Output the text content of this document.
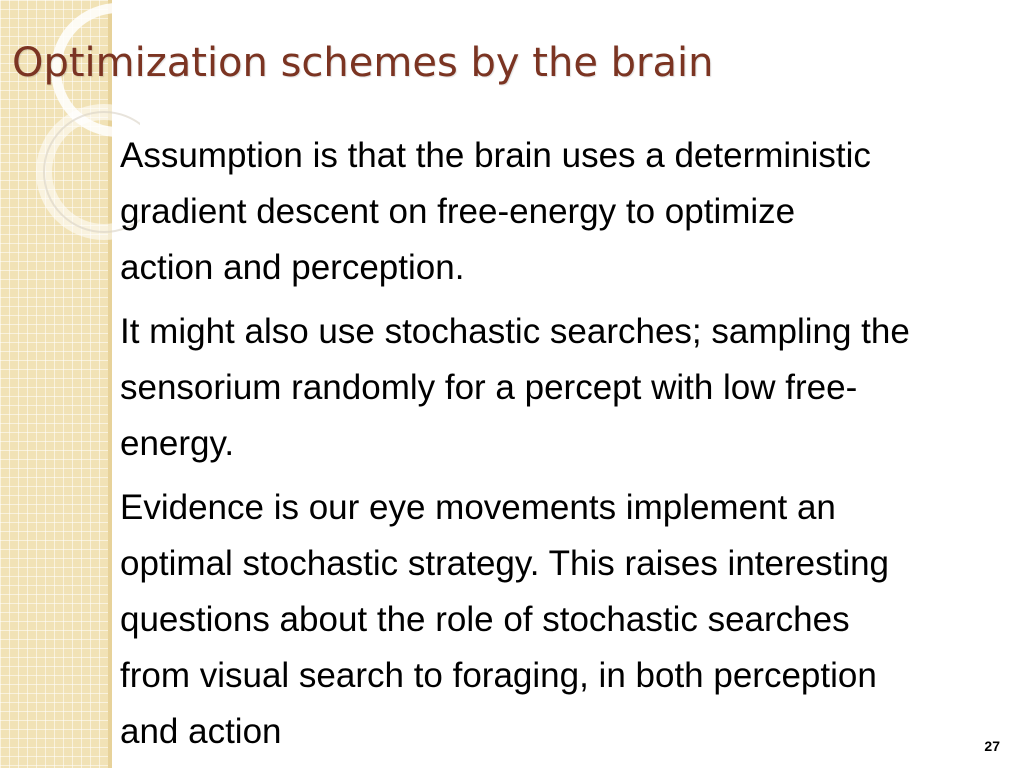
Optimization schemes by the brain
Assumption is that the brain uses a deterministic
gradient descent on free-energy to optimize
action and perception.
It might also use stochastic searches; sampling the
sensorium randomly for a percept with low free-
energy.
Evidence is our eye movements implement an
optimal stochastic strategy. This raises interesting
questions about the role of stochastic searches
from visual search to foraging, in both perception
and action	27
